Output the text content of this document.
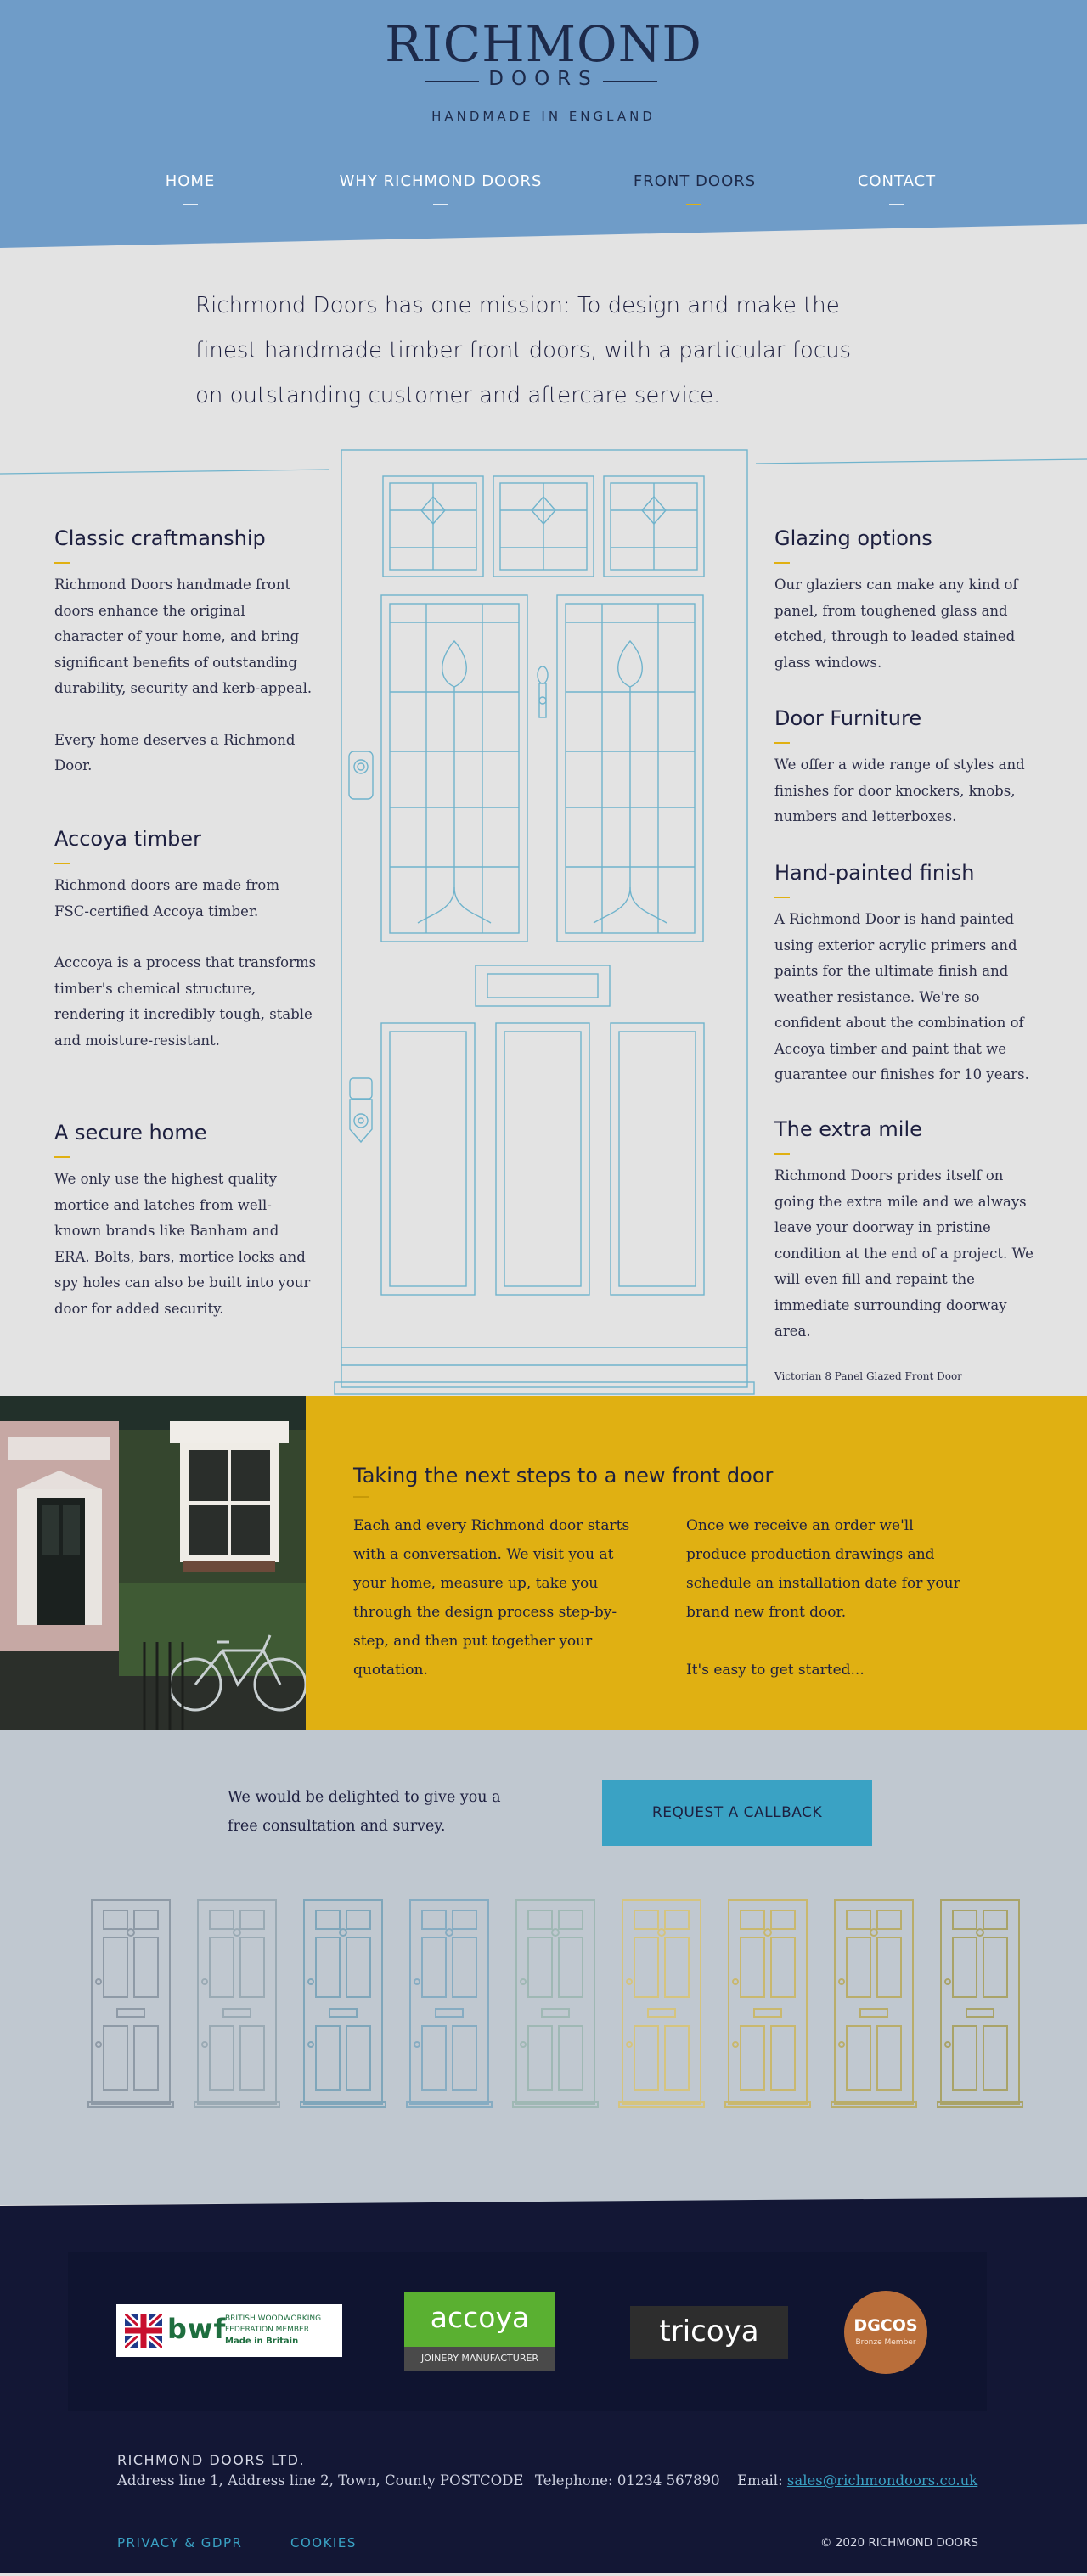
RICHMOND
DOORS
HANDMADE IN ENGLAND
HOME	WHY RICHMOND DOORS	FRONT DOORS	CONTACT
Richmond Doors has one mission: To design and make the finest handmade timber front doors, with a particular focus on outstanding customer and aftercare service.
Classic craftmanship

Richmond Doors handmade front doors enhance the original character of your home, and bring significant benefits of outstanding durability, security and kerb-appeal.

Every home deserves a Richmond Door.

Accoya timber

Richmond doors are made from FSC-certified Accoya timber.

Acccoya is a process that transforms timber's chemical structure, rendering it incredibly tough, stable and moisture-resistant.

A secure home

We only use the highest quality mortice and latches from well-known brands like Banham and ERA. Bolts, bars, mortice locks and spy holes can also be built into your door for added security.

Glazing options

Our glaziers can make any kind of panel, from toughened glass and etched, through to leaded stained glass windows.

Door Furniture

We offer a wide range of styles and finishes for door knockers, knobs, numbers and letterboxes.

Hand-painted finish

A Richmond Door is hand painted using exterior acrylic primers and paints for the ultimate finish and weather resistance. We're so confident about the combination of Accoya timber and paint that we guarantee our finishes for 10 years.

The extra mile

Richmond Doors prides itself on going the extra mile and we always leave your doorway in pristine condition at the end of a project. We will even fill and repaint the immediate surrounding doorway area.

Victorian 8 Panel Glazed Front Door
Taking the next steps to a new front door

Each and every Richmond door starts with a conversation. We visit you at your home, measure up, take you through the design process step-by-step, and then put together your quotation.

Once we receive an order we'll produce production drawings and schedule an installation date for your brand new front door.

It's easy to get started...

We would be delighted to give you a free consultation and survey.
REQUEST A CALLBACK
bwf
BRITISH WOODWORKING
FEDERATION MEMBER
Made in Britain
accoya
JOINERY MANUFACTURER
tricoya	DGCOS
Bronze Member
RICHMOND DOORS LTD.
Address line 1, Address line 2, Town, County POSTCODE Telephone: 01234 567890 Email: sales@richmondoors.co.uk
PRIVACY & GDPR	COOKIES	© 2020 RICHMOND DOORS
